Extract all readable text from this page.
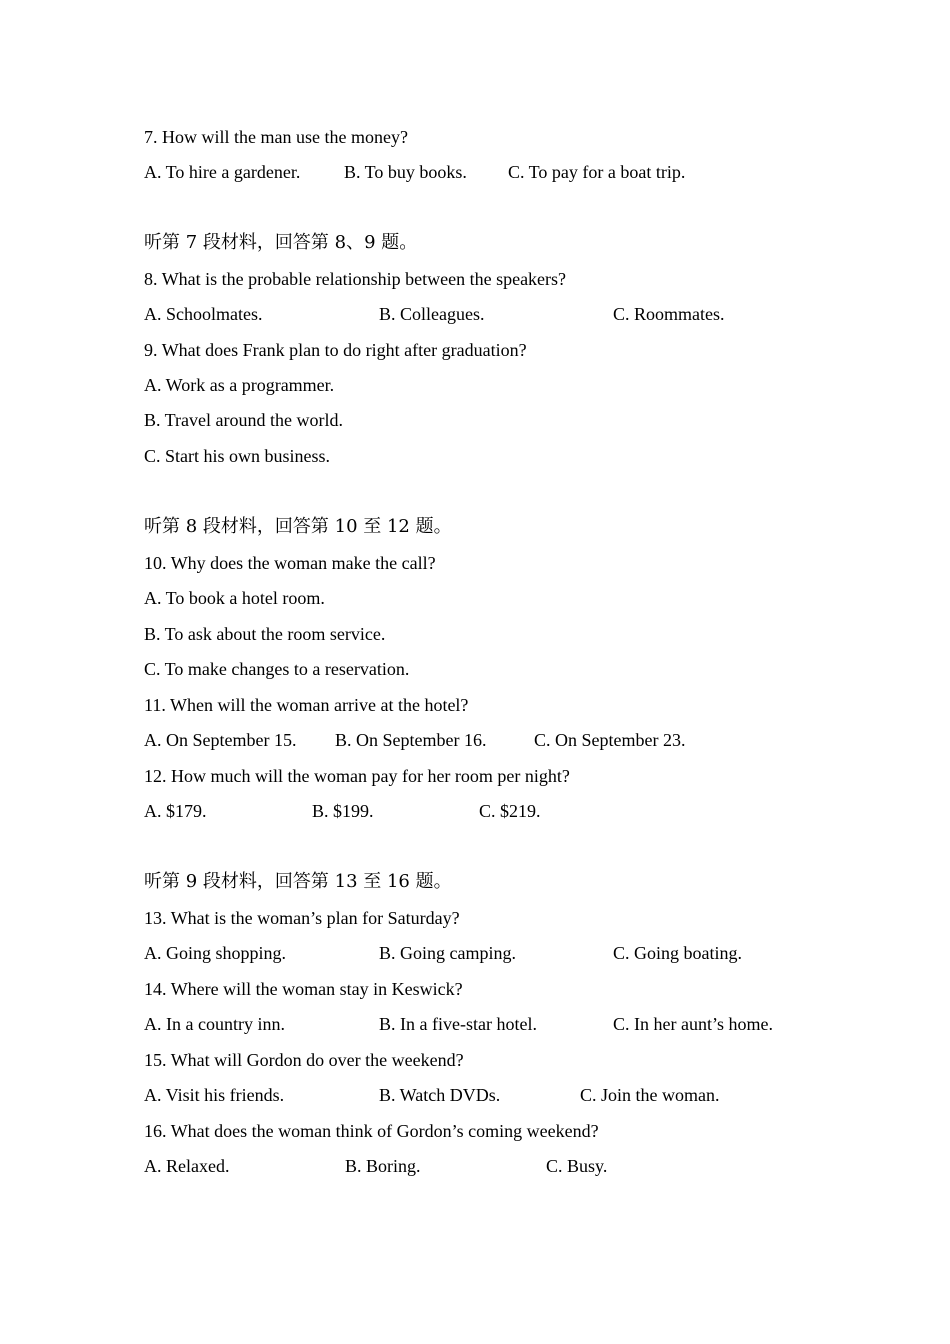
7. How will the man use the money?
A. To hire a gardener. B. To buy books. C. To pay for a boat trip.
听第 7 段材料，回答第 8、9 题。
8. What is the probable relationship between the speakers?
A. Schoolmates.	B. Colleagues.	C. Roommates.
9. What does Frank plan to do right after graduation?
A. Work as a programmer.
B. Travel around the world.
C. Start his own business.
听第 8 段材料，回答第 10 至 12 题。
10. Why does the woman make the call?
A. To book a hotel room.
B. To ask about the room service.
C. To make changes to a reservation.
11. When will the woman arrive at the hotel?
A. On September 15. B. On September 16.	C. On September 23.
12. How much will the woman pay for her room per night?
A. $179.	B. $199.	C. $219.
听第 9 段材料，回答第 13 至 16 题。
13. What is the woman’s plan for Saturday?
A. Going shopping.	B. Going camping.	C. Going boating.
14. Where will the woman stay in Keswick?
A. In a country inn.	B. In a five-star hotel.	C. In her aunt’s home.
15. What will Gordon do over the weekend?
A. Visit his friends.	B. Watch DVDs.	C. Join the woman.
16. What does the woman think of Gordon’s coming weekend?
A. Relaxed.	B. Boring.	C. Busy.
